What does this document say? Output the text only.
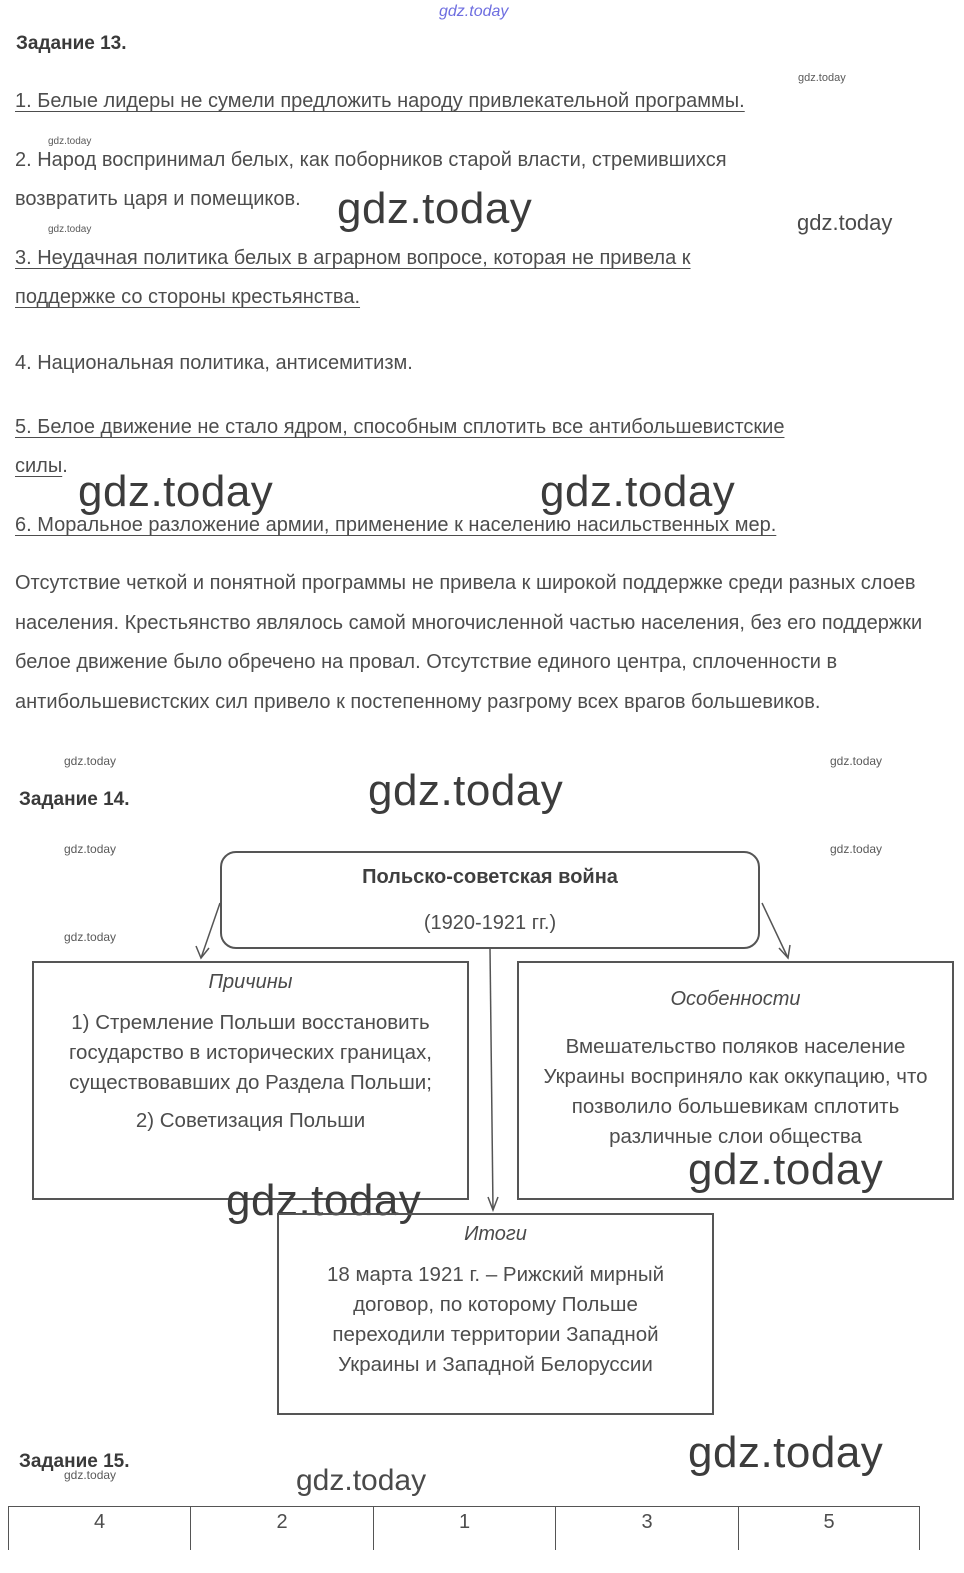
gdz.today
Задание 13.
gdz.today
1. Белые лидеры не сумели предложить народу привлекательной программы.
gdz.today
2. Народ воспринимал белых, как поборников старой власти, стремившихся
возвратить царя и помещиков.
gdz.today	gdz.today	gdz.today
3. Неудачная политика белых в аграрном вопросе, которая не привела к
поддержке со стороны крестьянства.
4. Национальная политика, антисемитизм.
5. Белое движение не стало ядром, способным сплотить все антибольшевистские
силы.
gdz.today	gdz.today
6. Моральное разложение армии, применение к населению насильственных мер.
Отсутствие четкой и понятной программы не привела к широкой поддержке среди разных слоев населения. Крестьянство являлось самой многочисленной частью населения, без его поддержки белое движение было обречено на провал. Отсутствие единого центра, сплоченности в антибольшевистских сил привело к постепенному разгрому всех врагов большевиков.
gdz.today	gdz.today
Задание 14.	gdz.today
gdz.today	gdz.today
gdz.today
Польско-советская война
(1920-1921 гг.)
Причины
1) Стремление Польши восстановить государство в исторических границах, существовавших до Раздела Польши;
2) Советизация Польши
Особенности
Вмешательство поляков население Украины восприняло как оккупацию, что позволило большевикам сплотить различные слои общества
gdz.today
gdz.today
Итоги
18 марта 1921 г. – Рижский мирный договор, по которому Польше переходили территории Западной Украины и Западной Белоруссии
Задание 15.
gdz.today	gdz.today
gdz.today
4	2	1	3	5
